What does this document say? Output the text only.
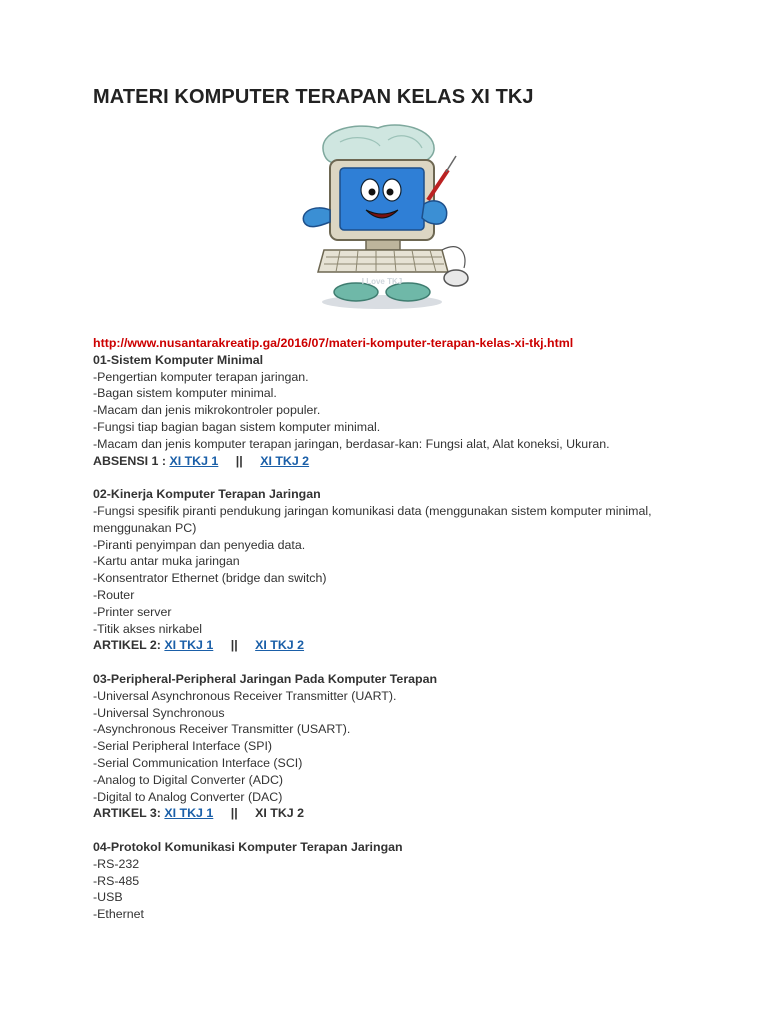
MATERI KOMPUTER TERAPAN KELAS XI TKJ
I Love TKJ
http://www.nusantarakreatip.ga/2016/07/materi-komputer-terapan-kelas-xi-tkj.html
01-Sistem Komputer Minimal
-Pengertian komputer terapan jaringan.
-Bagan sistem komputer minimal.
-Macam dan jenis mikrokontroler populer.
-Fungsi tiap bagian bagan sistem komputer minimal.
-Macam dan jenis komputer terapan jaringan, berdasar-kan: Fungsi alat, Alat koneksi, Ukuran.
ABSENSI 1 : XI TKJ 1 || XI TKJ 2
02-Kinerja Komputer Terapan Jaringan
-Fungsi spesifik piranti pendukung jaringan komunikasi data (menggunakan sistem komputer minimal, menggunakan PC)
-Piranti penyimpan dan penyedia data.
-Kartu antar muka jaringan
-Konsentrator Ethernet (bridge dan switch)
-Router
-Printer server
-Titik akses nirkabel
ARTIKEL 2: XI TKJ 1 || XI TKJ 2
03-Peripheral-Peripheral Jaringan Pada Komputer Terapan
-Universal Asynchronous Receiver Transmitter (UART).
-Universal Synchronous
-Asynchronous Receiver Transmitter (USART).
-Serial Peripheral Interface (SPI)
-Serial Communication Interface (SCI)
-Analog to Digital Converter (ADC)
-Digital to Analog Converter (DAC)
ARTIKEL 3: XI TKJ 1 || XI TKJ 2
04-Protokol Komunikasi Komputer Terapan Jaringan
-RS-232
-RS-485
-USB
-Ethernet
